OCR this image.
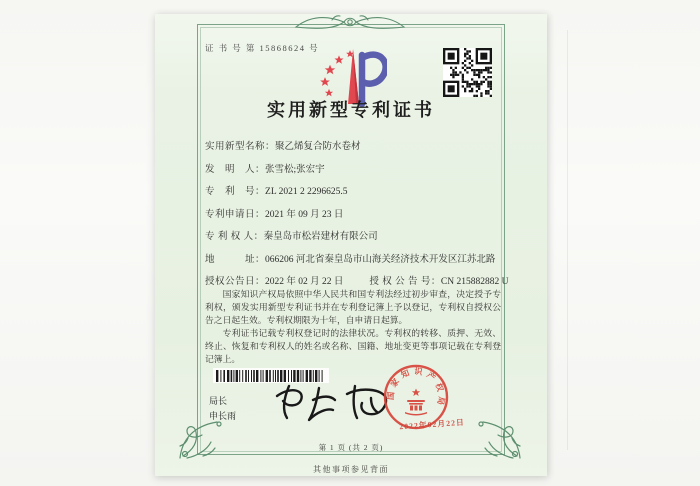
证 书 号 第 15868624 号
实用新型专利证书
实用新型名称：聚乙烯复合防水卷材
发　明　人：张雪松;张宏宇
专　利　号：ZL 2021 2 2296625.5
专利申请日：2021 年 09 月 23 日
专 利 权 人：秦皇岛市松岩建材有限公司
地　　　址：066206 河北省秦皇岛市山海关经济技术开发区江苏北路
授权公告日：2022 年 02 月 22 日	授 权 公 告 号：CN 215882882 U

国家知识产权局依照中华人民共和国专利法经过初步审查，决定授予专利权，颁发实用新型专利证书并在专利登记簿上予以登记，专利权自授权公告之日起生效。专利权期限为十年，自申请日起算。

专利证书记载专利权登记时的法律状况。专利权的转移、质押、无效、终止、恢复和专利权人的姓名或名称、国籍、地址变更等事项记载在专利登记簿上。

局长
申长雨
国家知识产权局
2022年02月22日
第 1 页 (共 2 页)
其他事项参见背面
